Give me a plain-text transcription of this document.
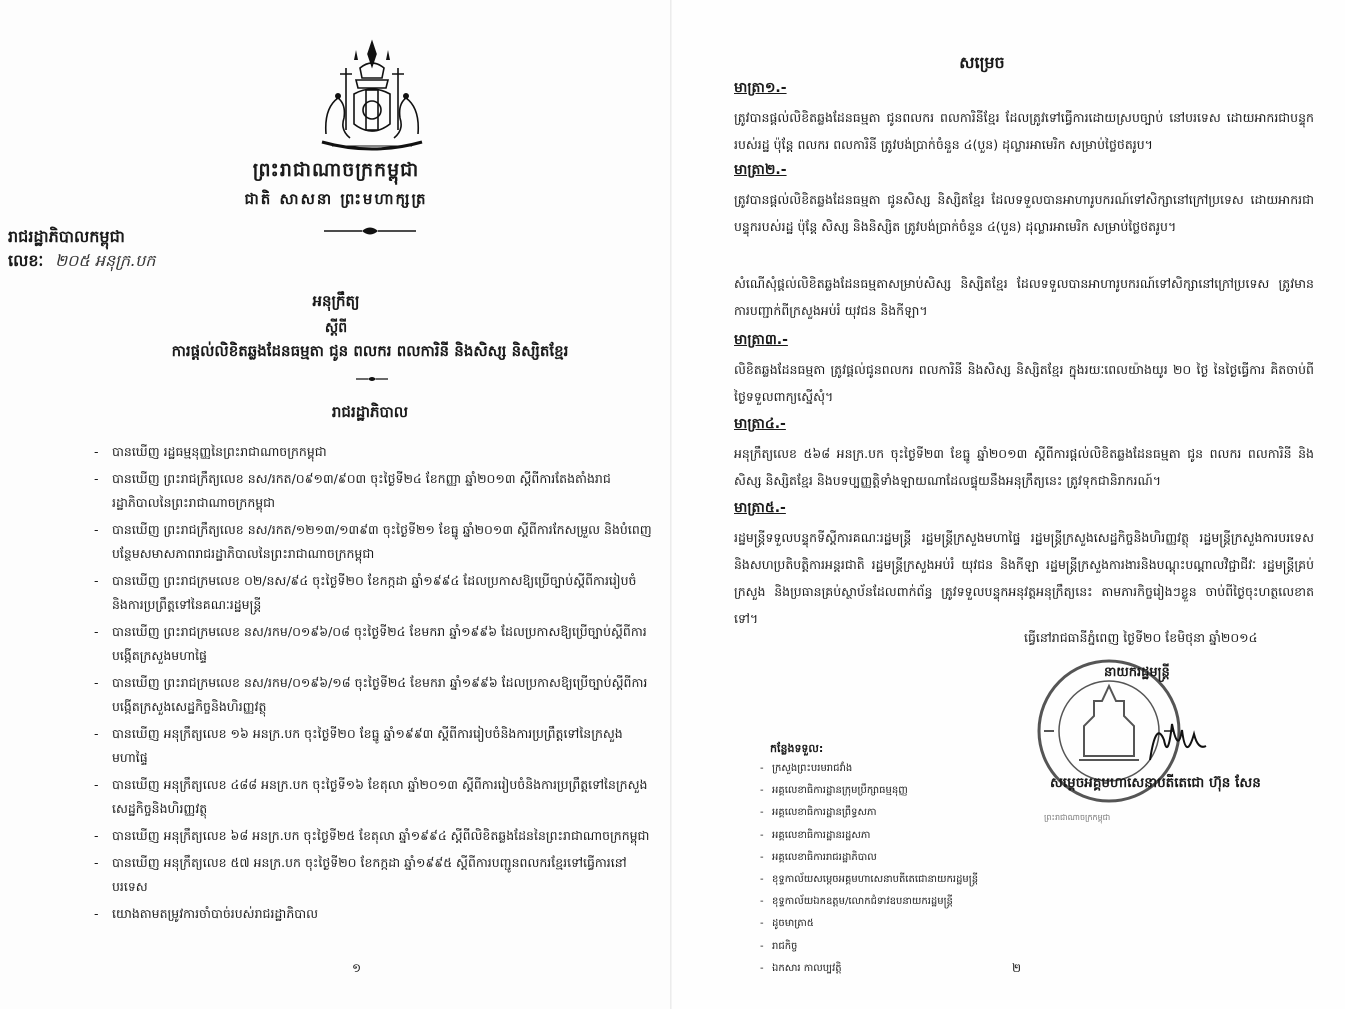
ព្រះរាជាណាចក្រកម្ពុជា
ជាតិ សាសនា ព្រះមហាក្សត្រ
រាជរដ្ឋាភិបាលកម្ពុជា
លេខៈ ២០៥ អនុក្រ.បក
អនុក្រឹត្យ
ស្ដីពី
ការផ្ដល់លិខិតឆ្លងដែនធម្មតា ជូន ពលករ ពលការិនី និងសិស្ស និស្សិតខ្មែរ
រាជរដ្ឋាភិបាល
- បានឃើញ រដ្ឋធម្មនុញ្ញនៃព្រះរាជាណាចក្រកម្ពុជា
- បានឃើញ ព្រះរាជក្រឹត្យលេខ នស/រកត/០៩១៣/៩០៣ ចុះថ្ងៃទី២៤ ខែកញ្ញា ឆ្នាំ២០១៣ ស្ដីពីការតែងតាំងរាជរដ្ឋាភិបាលនៃព្រះរាជាណាចក្រកម្ពុជា
- បានឃើញ ព្រះរាជក្រឹត្យលេខ នស/រកត/១២១៣/១៣៩៣ ចុះថ្ងៃទី២១ ខែធ្នូ ឆ្នាំ២០១៣ ស្ដីពីការកែសម្រួល និងបំពេញបន្ថែមសមាសភាពរាជរដ្ឋាភិបាលនៃព្រះរាជាណាចក្រកម្ពុជា
- បានឃើញ ព្រះរាជក្រមលេខ ០២/នស/៩៤ ចុះថ្ងៃទី២០ ខែកក្កដា ឆ្នាំ១៩៩៤ ដែលប្រកាសឱ្យប្រើច្បាប់ស្ដីពីការរៀបចំនិងការប្រព្រឹត្តទៅនៃគណៈរដ្ឋមន្ត្រី
- បានឃើញ ព្រះរាជក្រមលេខ នស/រកម/០១៩៦/០៨ ចុះថ្ងៃទី២៤ ខែមករា ឆ្នាំ១៩៩៦ ដែលប្រកាសឱ្យប្រើច្បាប់ស្ដីពីការបង្កើតក្រសួងមហាផ្ទៃ
- បានឃើញ ព្រះរាជក្រមលេខ នស/រកម/០១៩៦/១៨ ចុះថ្ងៃទី២៤ ខែមករា ឆ្នាំ១៩៩៦ ដែលប្រកាសឱ្យប្រើច្បាប់ស្ដីពីការបង្កើតក្រសួងសេដ្ឋកិច្ចនិងហិរញ្ញវត្ថុ
- បានឃើញ អនុក្រឹត្យលេខ ១៦ អនក្រ.បក ចុះថ្ងៃទី២០ ខែធ្នូ ឆ្នាំ១៩៩៣ ស្ដីពីការរៀបចំនិងការប្រព្រឹត្តទៅនៃក្រសួងមហាផ្ទៃ
- បានឃើញ អនុក្រឹត្យលេខ ៤៨៨ អនក្រ.បក ចុះថ្ងៃទី១៦ ខែតុលា ឆ្នាំ២០១៣ ស្ដីពីការរៀបចំនិងការប្រព្រឹត្តទៅនៃក្រសួងសេដ្ឋកិច្ចនិងហិរញ្ញវត្ថុ
- បានឃើញ អនុក្រឹត្យលេខ ៦៨ អនក្រ.បក ចុះថ្ងៃទី២៥ ខែតុលា ឆ្នាំ១៩៩៤ ស្ដីពីលិខិតឆ្លងដែននៃព្រះរាជាណាចក្រកម្ពុជា
- បានឃើញ អនុក្រឹត្យលេខ ៥៧ អនក្រ.បក ចុះថ្ងៃទី២០ ខែកក្កដា ឆ្នាំ១៩៩៥ ស្ដីពីការបញ្ជូនពលករខ្មែរទៅធ្វើការនៅបរទេស
- យោងតាមតម្រូវការចាំបាច់របស់រាជរដ្ឋាភិបាល
១
សម្រេច
មាត្រា១.-
ត្រូវបានផ្ដល់លិខិតឆ្លងដែនធម្មតា ជូនពលករ ពលការិនីខ្មែរ ដែលត្រូវទៅធ្វើការដោយស្របច្បាប់ នៅបរទេស ដោយអាករជាបន្ទុករបស់រដ្ឋ ប៉ុន្តែ ពលករ ពលការិនី ត្រូវបង់ប្រាក់ចំនួន ៤(បួន) ដុល្លារអាមេរិក សម្រាប់ថ្លៃថតរូប។
មាត្រា២.-
ត្រូវបានផ្ដល់លិខិតឆ្លងដែនធម្មតា ជូនសិស្ស និស្សិតខ្មែរ ដែលទទួលបានអាហារូបករណ៍ទៅសិក្សានៅក្រៅប្រទេស ដោយអាករជាបន្ទុករបស់រដ្ឋ ប៉ុន្តែ សិស្ស និងនិស្សិត ត្រូវបង់ប្រាក់ចំនួន ៤(បួន) ដុល្លារអាមេរិក សម្រាប់ថ្លៃថតរូប។
សំណើសុំផ្ដល់លិខិតឆ្លងដែនធម្មតាសម្រាប់សិស្ស និស្សិតខ្មែរ ដែលទទួលបានអាហារូបករណ៍ទៅសិក្សានៅក្រៅប្រទេស ត្រូវមានការបញ្ជាក់ពីក្រសួងអប់រំ យុវជន និងកីឡា។
មាត្រា៣.-
លិខិតឆ្លងដែនធម្មតា ត្រូវផ្ដល់ជូនពលករ ពលការិនី និងសិស្ស និស្សិតខ្មែរ ក្នុងរយៈពេលយ៉ាងយូរ ២០ ថ្ងៃ នៃថ្ងៃធ្វើការ គិតចាប់ពីថ្ងៃទទួលពាក្យស្នើសុំ។
មាត្រា៤.-
អនុក្រឹត្យលេខ ៥៦៨ អនក្រ.បក ចុះថ្ងៃទី២៣ ខែធ្នូ ឆ្នាំ២០១៣ ស្ដីពីការផ្ដល់លិខិតឆ្លងដែនធម្មតា ជូន ពលករ ពលការិនី និងសិស្ស និស្សិតខ្មែរ និងបទប្បញ្ញត្តិទាំងឡាយណាដែលផ្ទុយនឹងអនុក្រឹត្យនេះ ត្រូវទុកជានិរាករណ៍។
មាត្រា៥.-
រដ្ឋមន្ត្រីទទួលបន្ទុកទីស្ដីការគណៈរដ្ឋមន្ត្រី រដ្ឋមន្ត្រីក្រសួងមហាផ្ទៃ រដ្ឋមន្ត្រីក្រសួងសេដ្ឋកិច្ចនិងហិរញ្ញវត្ថុ រដ្ឋមន្ត្រីក្រសួងការបរទេសនិងសហប្រតិបត្តិការអន្តរជាតិ រដ្ឋមន្ត្រីក្រសួងអប់រំ យុវជន និងកីឡា រដ្ឋមន្ត្រីក្រសួងការងារនិងបណ្ដុះបណ្ដាលវិជ្ជាជីវៈ រដ្ឋមន្ត្រីគ្រប់ក្រសួង និងប្រធានគ្រប់ស្ថាប័នដែលពាក់ព័ន្ធ ត្រូវទទួលបន្ទុកអនុវត្តអនុក្រឹត្យនេះ តាមភារកិច្ចរៀងៗខ្លួន ចាប់ពីថ្ងៃចុះហត្ថលេខាតទៅ។
ធ្វើនៅរាជធានីភ្នំពេញ ថ្ងៃទី២០ ខែមិថុនា ឆ្នាំ២០១៤
ព្រះរាជាណាចក្រកម្ពុជា
នាយករដ្ឋមន្ត្រី
សម្ដេចអគ្គមហាសេនាបតីតេជោ ហ៊ុន សែន
កន្លែងទទួល:
- ក្រសួងព្រះបរមរាជវាំង
- អគ្គលេខាធិការដ្ឋានក្រុមប្រឹក្សាធម្មនុញ្ញ
- អគ្គលេខាធិការដ្ឋានព្រឹទ្ធសភា
- អគ្គលេខាធិការដ្ឋានរដ្ឋសភា
- អគ្គលេខាធិការរាជរដ្ឋាភិបាល
- ខុទ្ទកាល័យសម្ដេចអគ្គមហាសេនាបតីតេជោនាយករដ្ឋមន្ត្រី
- ខុទ្ទកាល័យឯកឧត្ដម/លោកជំទាវឧបនាយករដ្ឋមន្ត្រី
- ដូចមាត្រា៥
- រាជកិច្ច
- ឯកសារ កាលប្បវត្តិ	២
